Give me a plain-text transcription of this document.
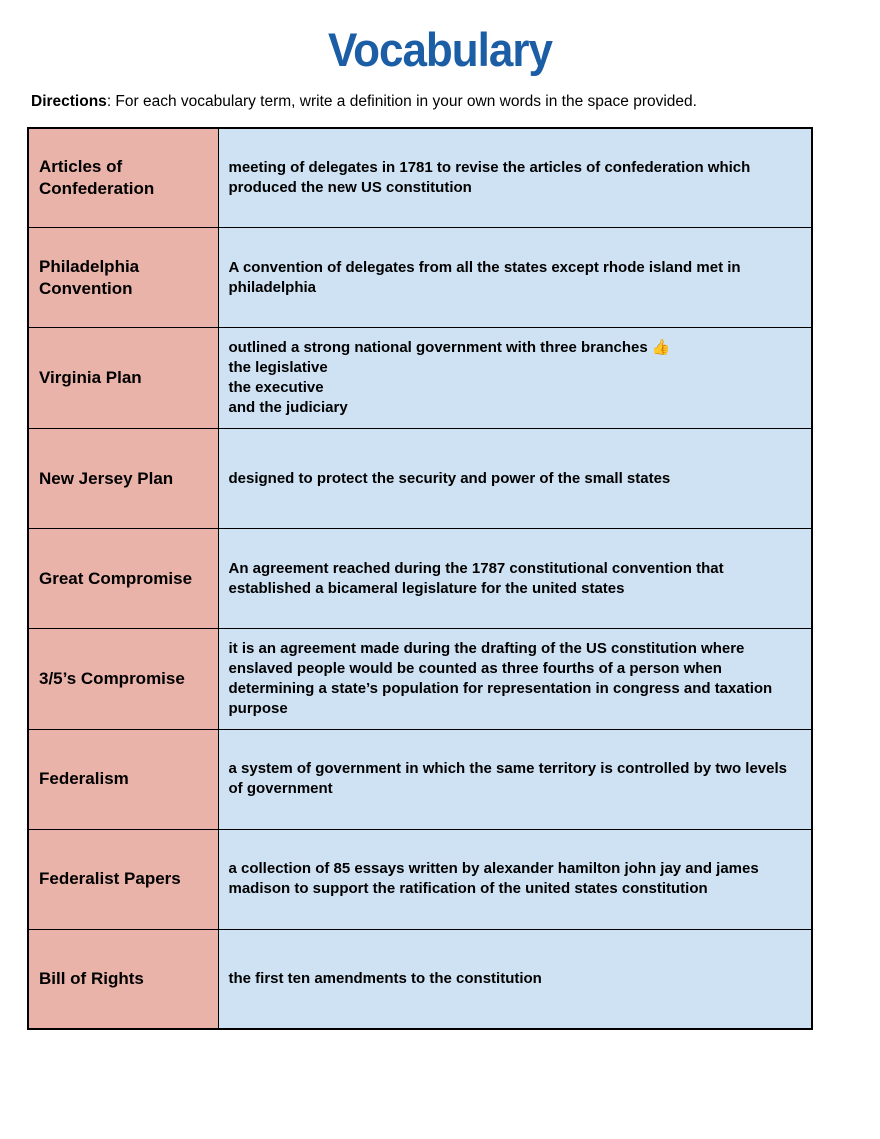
Vocabulary

Directions: For each vocabulary term, write a definition in your own words in the space provided.

Articles of Confederation	meeting of delegates in 1781 to revise the articles of confederation which produced the new US constitution
Philadelphia Convention	A convention of delegates from all the states except rhode island met in philadelphia
Virginia Plan	outlined a strong national government with three branches 👍
the legislative
the executive
and the judiciary
New Jersey Plan	designed to protect the security and power of the small states
Great Compromise	An agreement reached during the 1787 constitutional convention that established a bicameral legislature for the united states
3/5’s Compromise	it is an agreement made during the drafting of the US constitution where enslaved people would be counted as three fourths of a person when determining a state’s population for representation in congress and taxation purpose
Federalism	a system of government in which the same territory is controlled by two levels of government
Federalist Papers	a collection of 85 essays written by alexander hamilton john jay and james madison to support the ratification of the united states constitution
Bill of Rights	the first ten amendments to the constitution
